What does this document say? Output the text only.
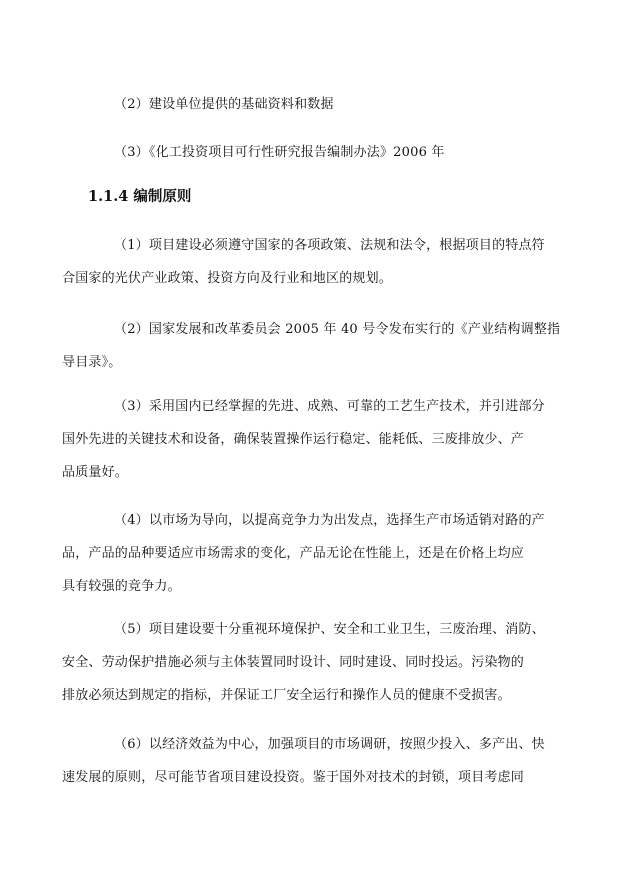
（2）建设单位提供的基础资料和数据

（3）《化工投资项目可行性研究报告编制办法》2006 年

1.1.4 编制原则

（1）项目建设必须遵守国家的各项政策、法规和法令，根据项目的特点符
合国家的光伏产业政策、投资方向及行业和地区的规划。

（2）国家发展和改革委员会 2005 年 40 号令发布实行的《产业结构调整指
导目录》。

（3）采用国内已经掌握的先进、成熟、可靠的工艺生产技术，并引进部分
国外先进的关键技术和设备，确保装置操作运行稳定、能耗低、三废排放少、产
品质量好。

（4）以市场为导向，以提高竞争力为出发点，选择生产市场适销对路的产
品，产品的品种要适应市场需求的变化，产品无论在性能上，还是在价格上均应
具有较强的竞争力。

（5）项目建设要十分重视环境保护、安全和工业卫生，三废治理、消防、
安全、劳动保护措施必须与主体装置同时设计、同时建设、同时投运。污染物的
排放必须达到规定的指标，并保证工厂安全运行和操作人员的健康不受损害。

（6）以经济效益为中心，加强项目的市场调研，按照少投入、多产出、快
速发展的原则，尽可能节省项目建设投资。鉴于国外对技术的封锁，项目考虑同
